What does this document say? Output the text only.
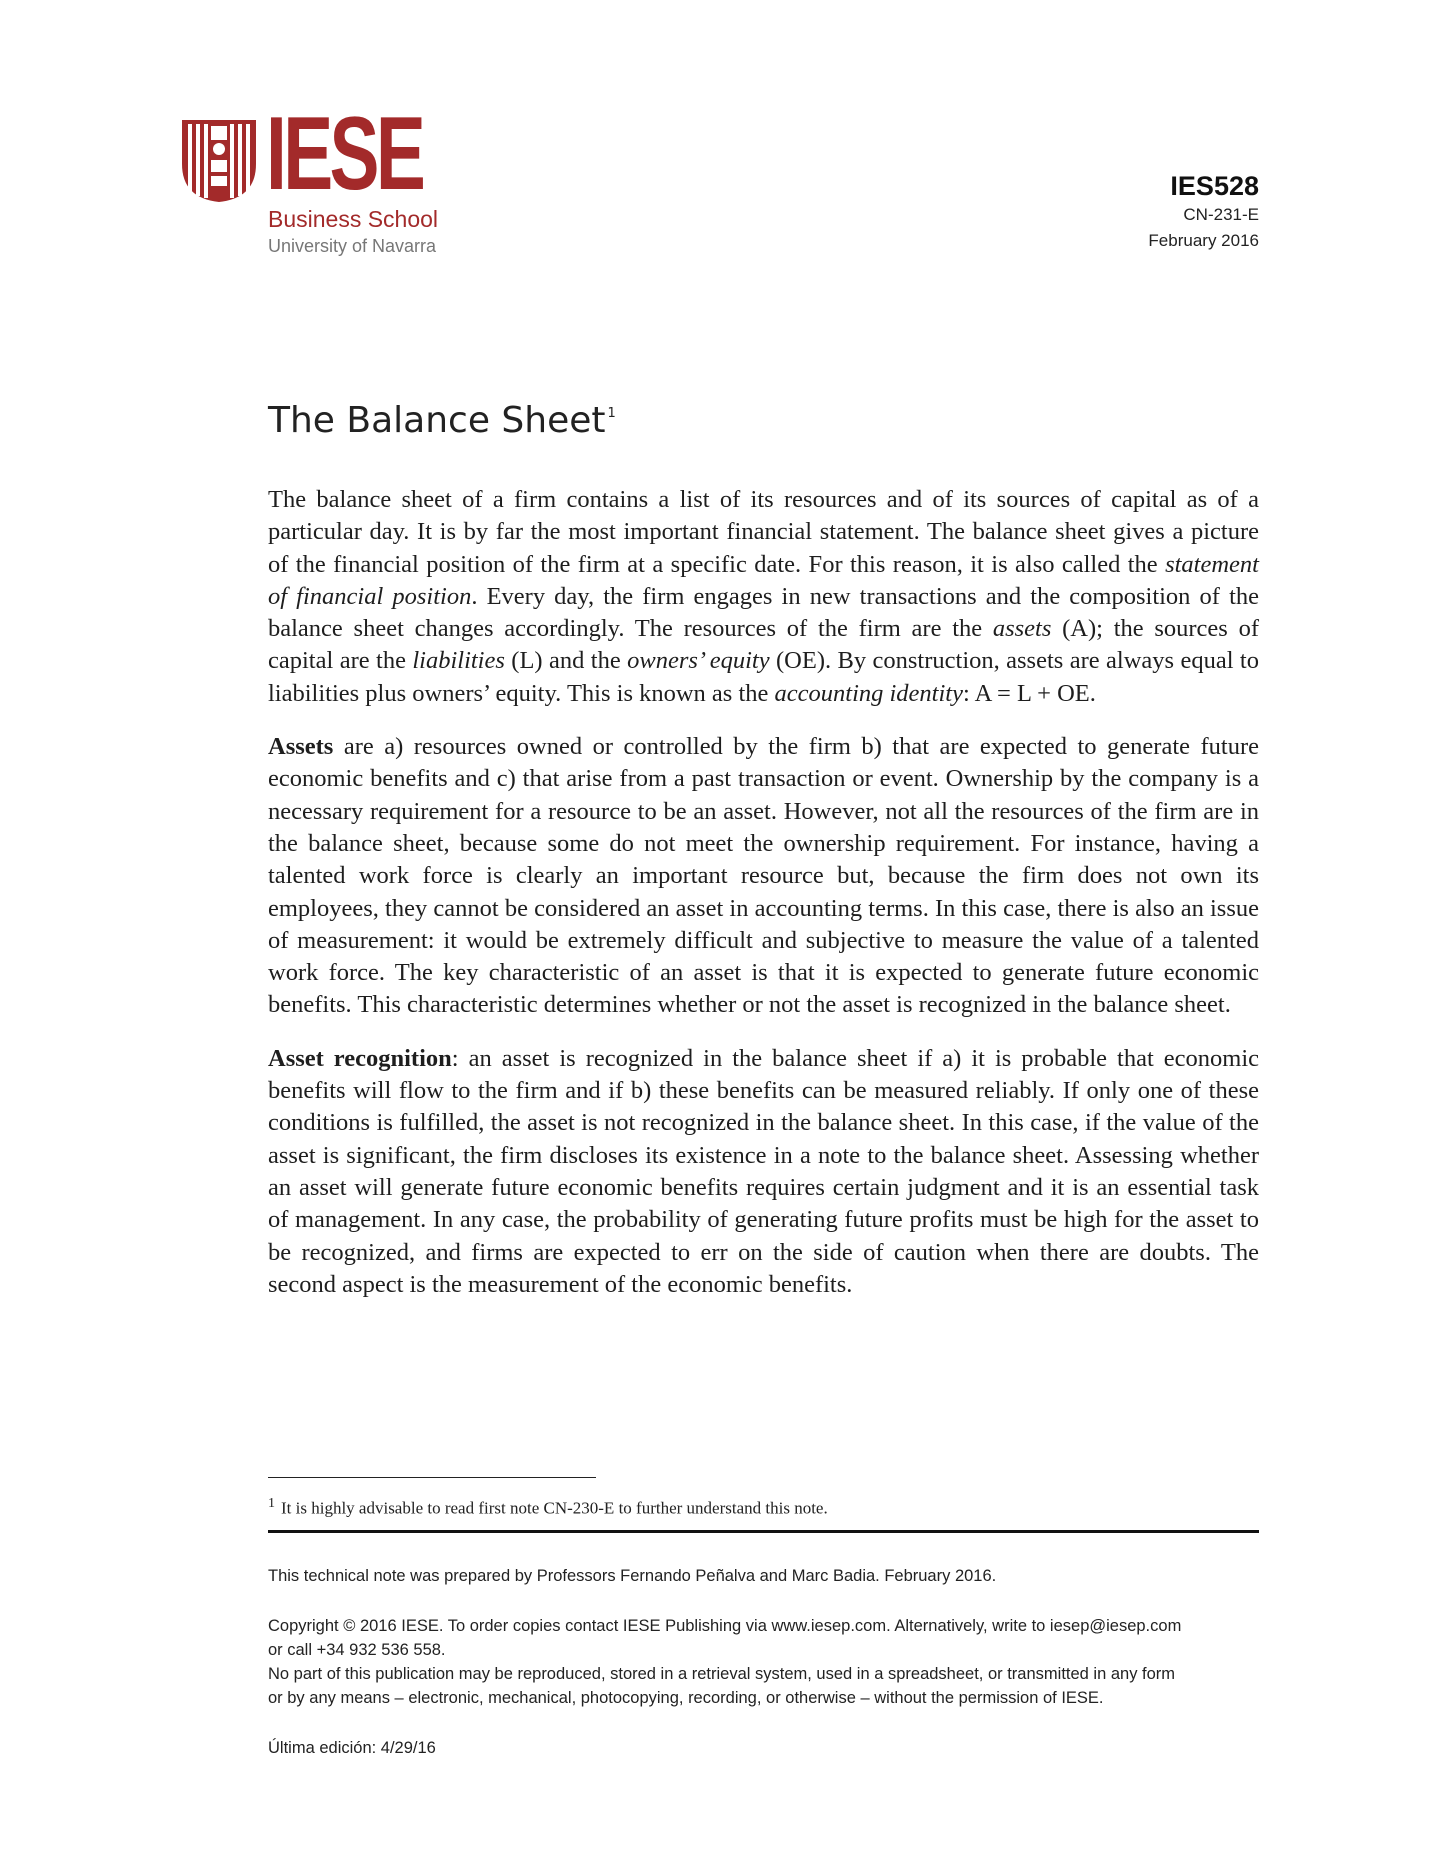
IESE
Business School
University of Navarra
IES528
CN-231-E
February 2016
The Balance Sheet $^1$

The balance sheet of a firm contains a list of its resources and of its sources of capital as of a particular day. It is by far the most important financial statement. The balance sheet gives a picture of the financial position of the firm at a specific date. For this reason, it is also called the statement of financial position. Every day, the firm engages in new transactions and the composition of the balance sheet changes accordingly. The resources of the firm are the assets (A); the sources of capital are the liabilities (L) and the owners’ equity (OE). By construction, assets are always equal to liabilities plus owners’ equity. This is known as the accounting identity: A = L + OE.

Assets are a) resources owned or controlled by the firm b) that are expected to generate future economic benefits and c) that arise from a past transaction or event. Ownership by the company is a necessary requirement for a resource to be an asset. However, not all the resources of the firm are in the balance sheet, because some do not meet the ownership requirement. For instance, having a talented work force is clearly an important resource but, because the firm does not own its employees, they cannot be considered an asset in accounting terms. In this case, there is also an issue of measurement: it would be extremely difficult and subjective to measure the value of a talented work force. The key characteristic of an asset is that it is expected to generate future economic benefits. This characteristic determines whether or not the asset is recognized in the balance sheet.

Asset recognition: an asset is recognized in the balance sheet if a) it is probable that economic benefits will flow to the firm and if b) these benefits can be measured reliably. If only one of these conditions is fulfilled, the asset is not recognized in the balance sheet. In this case, if the value of the asset is significant, the firm discloses its existence in a note to the balance sheet. Assessing whether an asset will generate future economic benefits requires certain judgment and it is an essential task of management. In any case, the probability of generating future profits must be high for the asset to be recognized, and firms are expected to err on the side of caution when there are doubts. The second aspect is the measurement of the economic benefits.

$^1$ It is highly advisable to read first note CN-230-E to further understand this note.
This technical note was prepared by Professors Fernando Peñalva and Marc Badia. February 2016.
Copyright © 2016 IESE. To order copies contact IESE Publishing via www.iesep.com. Alternatively, write to iesep@iesep.com
or call +34 932 536 558.
No part of this publication may be reproduced, stored in a retrieval system, used in a spreadsheet, or transmitted in any form
or by any means – electronic, mechanical, photocopying, recording, or otherwise – without the permission of IESE.
Última edición: 4/29/16
